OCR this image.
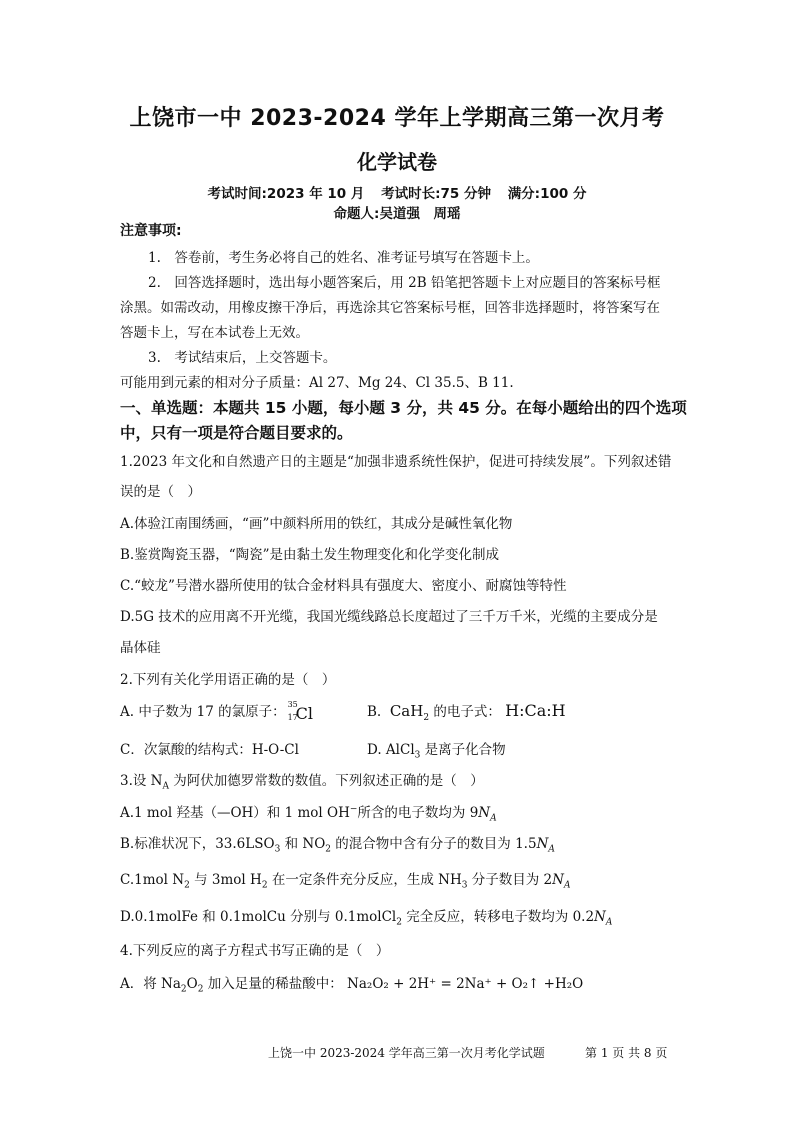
上饶市一中 2023-2024 学年上学期高三第一次月考
化学试卷
考试时间:2023 年 10 月 考试时长:75 分钟 满分:100 分
命题人:吴道强　周瑶
注意事项:
1.　答卷前，考生务必将自己的姓名、准考证号填写在答题卡上。
2.　回答选择题时，选出每小题答案后，用 2B 铅笔把答题卡上对应题目的答案标号框
涂黑。如需改动，用橡皮擦干净后，再选涂其它答案标号框，回答非选择题时，将答案写在
答题卡上，写在本试卷上无效。
3.　考试结束后，上交答题卡。
可能用到元素的相对分子质量：Al 27、Mg 24、Cl 35.5、B 11.
一、单选题：本题共 15 小题，每小题 3 分，共 45 分。在每小题给出的四个选项
中，只有一项是符合题目要求的。
1.2023 年文化和自然遗产日的主题是“加强非遗系统性保护，促进可持续发展”。下列叙述错
误的是（　）
A.体验江南围绣画，“画”中颜料所用的铁红，其成分是碱性氧化物
B.鉴赏陶瓷玉器，“陶瓷”是由黏土发生物理变化和化学变化制成
C.“蛟龙”号潜水器所使用的钛合金材料具有强度大、密度小、耐腐蚀等特性
D.5G 技术的应用离不开光缆，我国光缆线路总长度超过了三千万千米，光缆的主要成分是
晶体硅
2.下列有关化学用语正确的是（　）
A. 中子数为 17 的氯原子： 35
17
Cl	B. CaH$_2$ 的电子式： H:Ca:H
C．次氯酸的结构式：H-O-Cl	D. AlCl$_3$ 是离子化合物
3.设 $N_A$ 为阿伏加德罗常数的数值。下列叙述正确的是（　）
A.1 mol 羟基（—OH）和 1 mol OH−所含的电子数均为 $9N_A$
B.标准状况下，$33.6LSO_3$ 和 $NO_2$ 的混合物中含有分子的数目为 $1.5N_A$
C.1mol $N_2$ 与 3mol $H_2$ 在一定条件充分反应，生成 $NH_3$ 分子数目为 $2N_A$
D.0.1molFe 和 0.1molCu 分别与 0.1molCl$_2$ 完全反应，转移电子数均为 $0.2N_A$
4.下列反应的离子方程式书写正确的是（　）
A．将 $Na_2O_2$ 加入足量的稀盐酸中： Na₂O₂ + 2H⁺ = 2Na⁺ + O₂↑ +H₂O
上饶一中 2023-2024 学年高三第一次月考化学试题	第 1 页 共 8 页
